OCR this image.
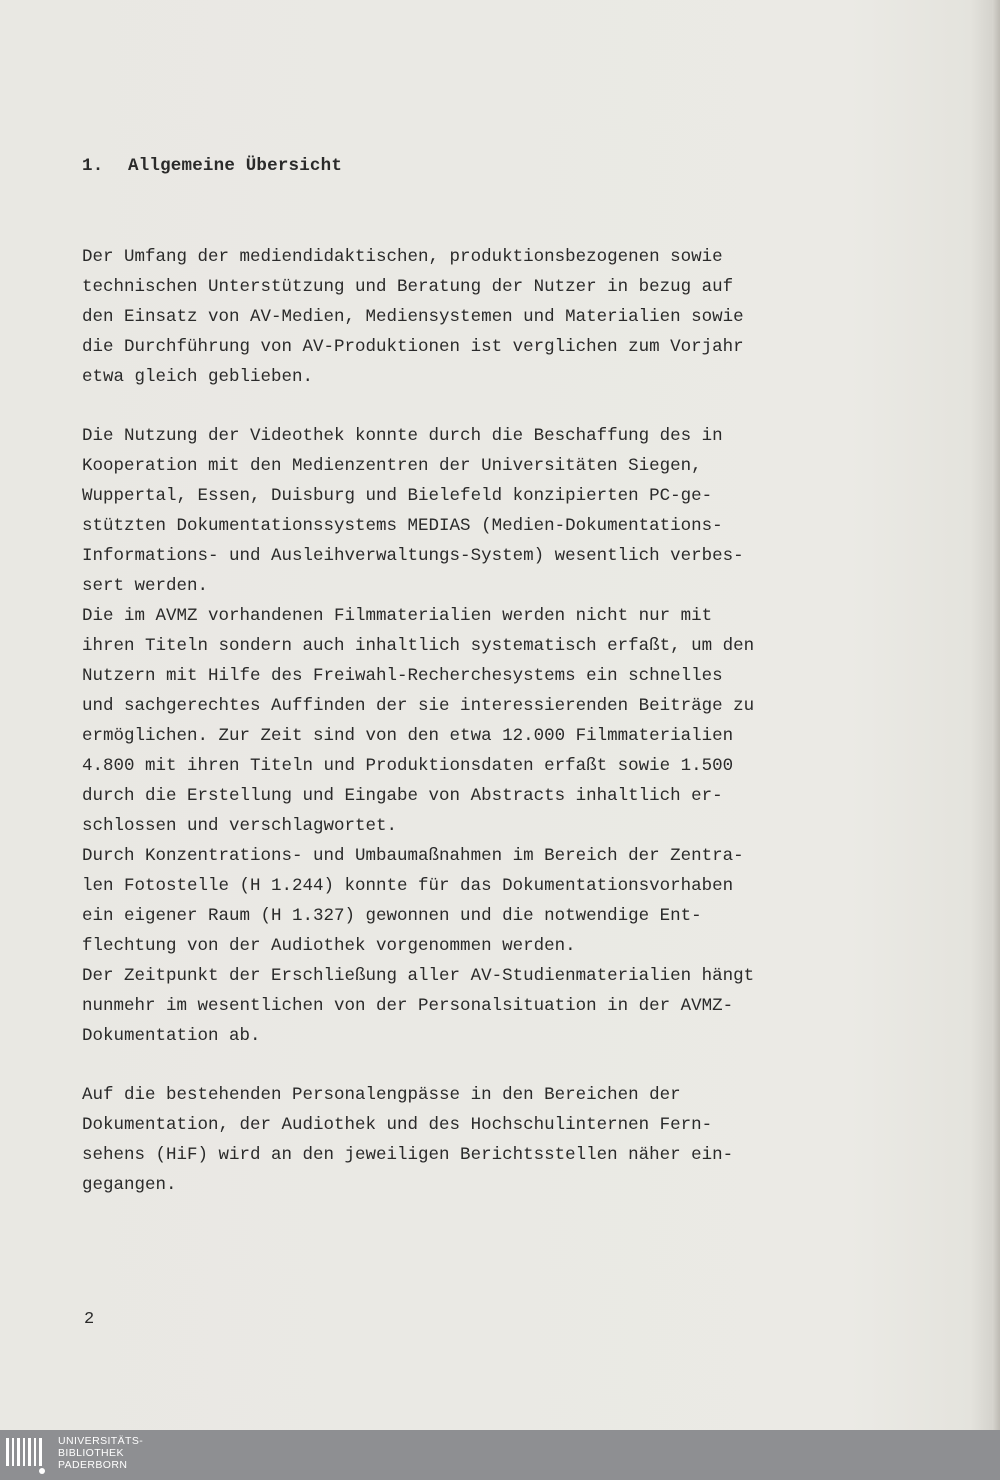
1. Allgemeine Übersicht

Der Umfang der mediendidaktischen, produktionsbezogenen sowie
technischen Unterstützung und Beratung der Nutzer in bezug auf
den Einsatz von AV-Medien, Mediensystemen und Materialien sowie
die Durchführung von AV-Produktionen ist verglichen zum Vorjahr
etwa gleich geblieben.

Die Nutzung der Videothek konnte durch die Beschaffung des in
Kooperation mit den Medienzentren der Universitäten Siegen,
Wuppertal, Essen, Duisburg und Bielefeld konzipierten PC-ge-
stützten Dokumentationssystems MEDIAS (Medien-Dokumentations-
Informations- und Ausleihverwaltungs-System) wesentlich verbes-
sert werden.
Die im AVMZ vorhandenen Filmmaterialien werden nicht nur mit
ihren Titeln sondern auch inhaltlich systematisch erfaßt, um den
Nutzern mit Hilfe des Freiwahl-Recherchesystems ein schnelles
und sachgerechtes Auffinden der sie interessierenden Beiträge zu
ermöglichen. Zur Zeit sind von den etwa 12.000 Filmmaterialien
4.800 mit ihren Titeln und Produktionsdaten erfaßt sowie 1.500
durch die Erstellung und Eingabe von Abstracts inhaltlich er-
schlossen und verschlagwortet.
Durch Konzentrations- und Umbaumaßnahmen im Bereich der Zentra-
len Fotostelle (H 1.244) konnte für das Dokumentationsvorhaben
ein eigener Raum (H 1.327) gewonnen und die notwendige Ent-
flechtung von der Audiothek vorgenommen werden.
Der Zeitpunkt der Erschließung aller AV-Studienmaterialien hängt
nunmehr im wesentlichen von der Personalsituation in der AVMZ-
Dokumentation ab.

Auf die bestehenden Personalengpässe in den Bereichen der
Dokumentation, der Audiothek und des Hochschulinternen Fern-
sehens (HiF) wird an den jeweiligen Berichtsstellen näher ein-
gegangen.

2
UNIVERSITÄTS-
BIBLIOTHEK
PADERBORN
